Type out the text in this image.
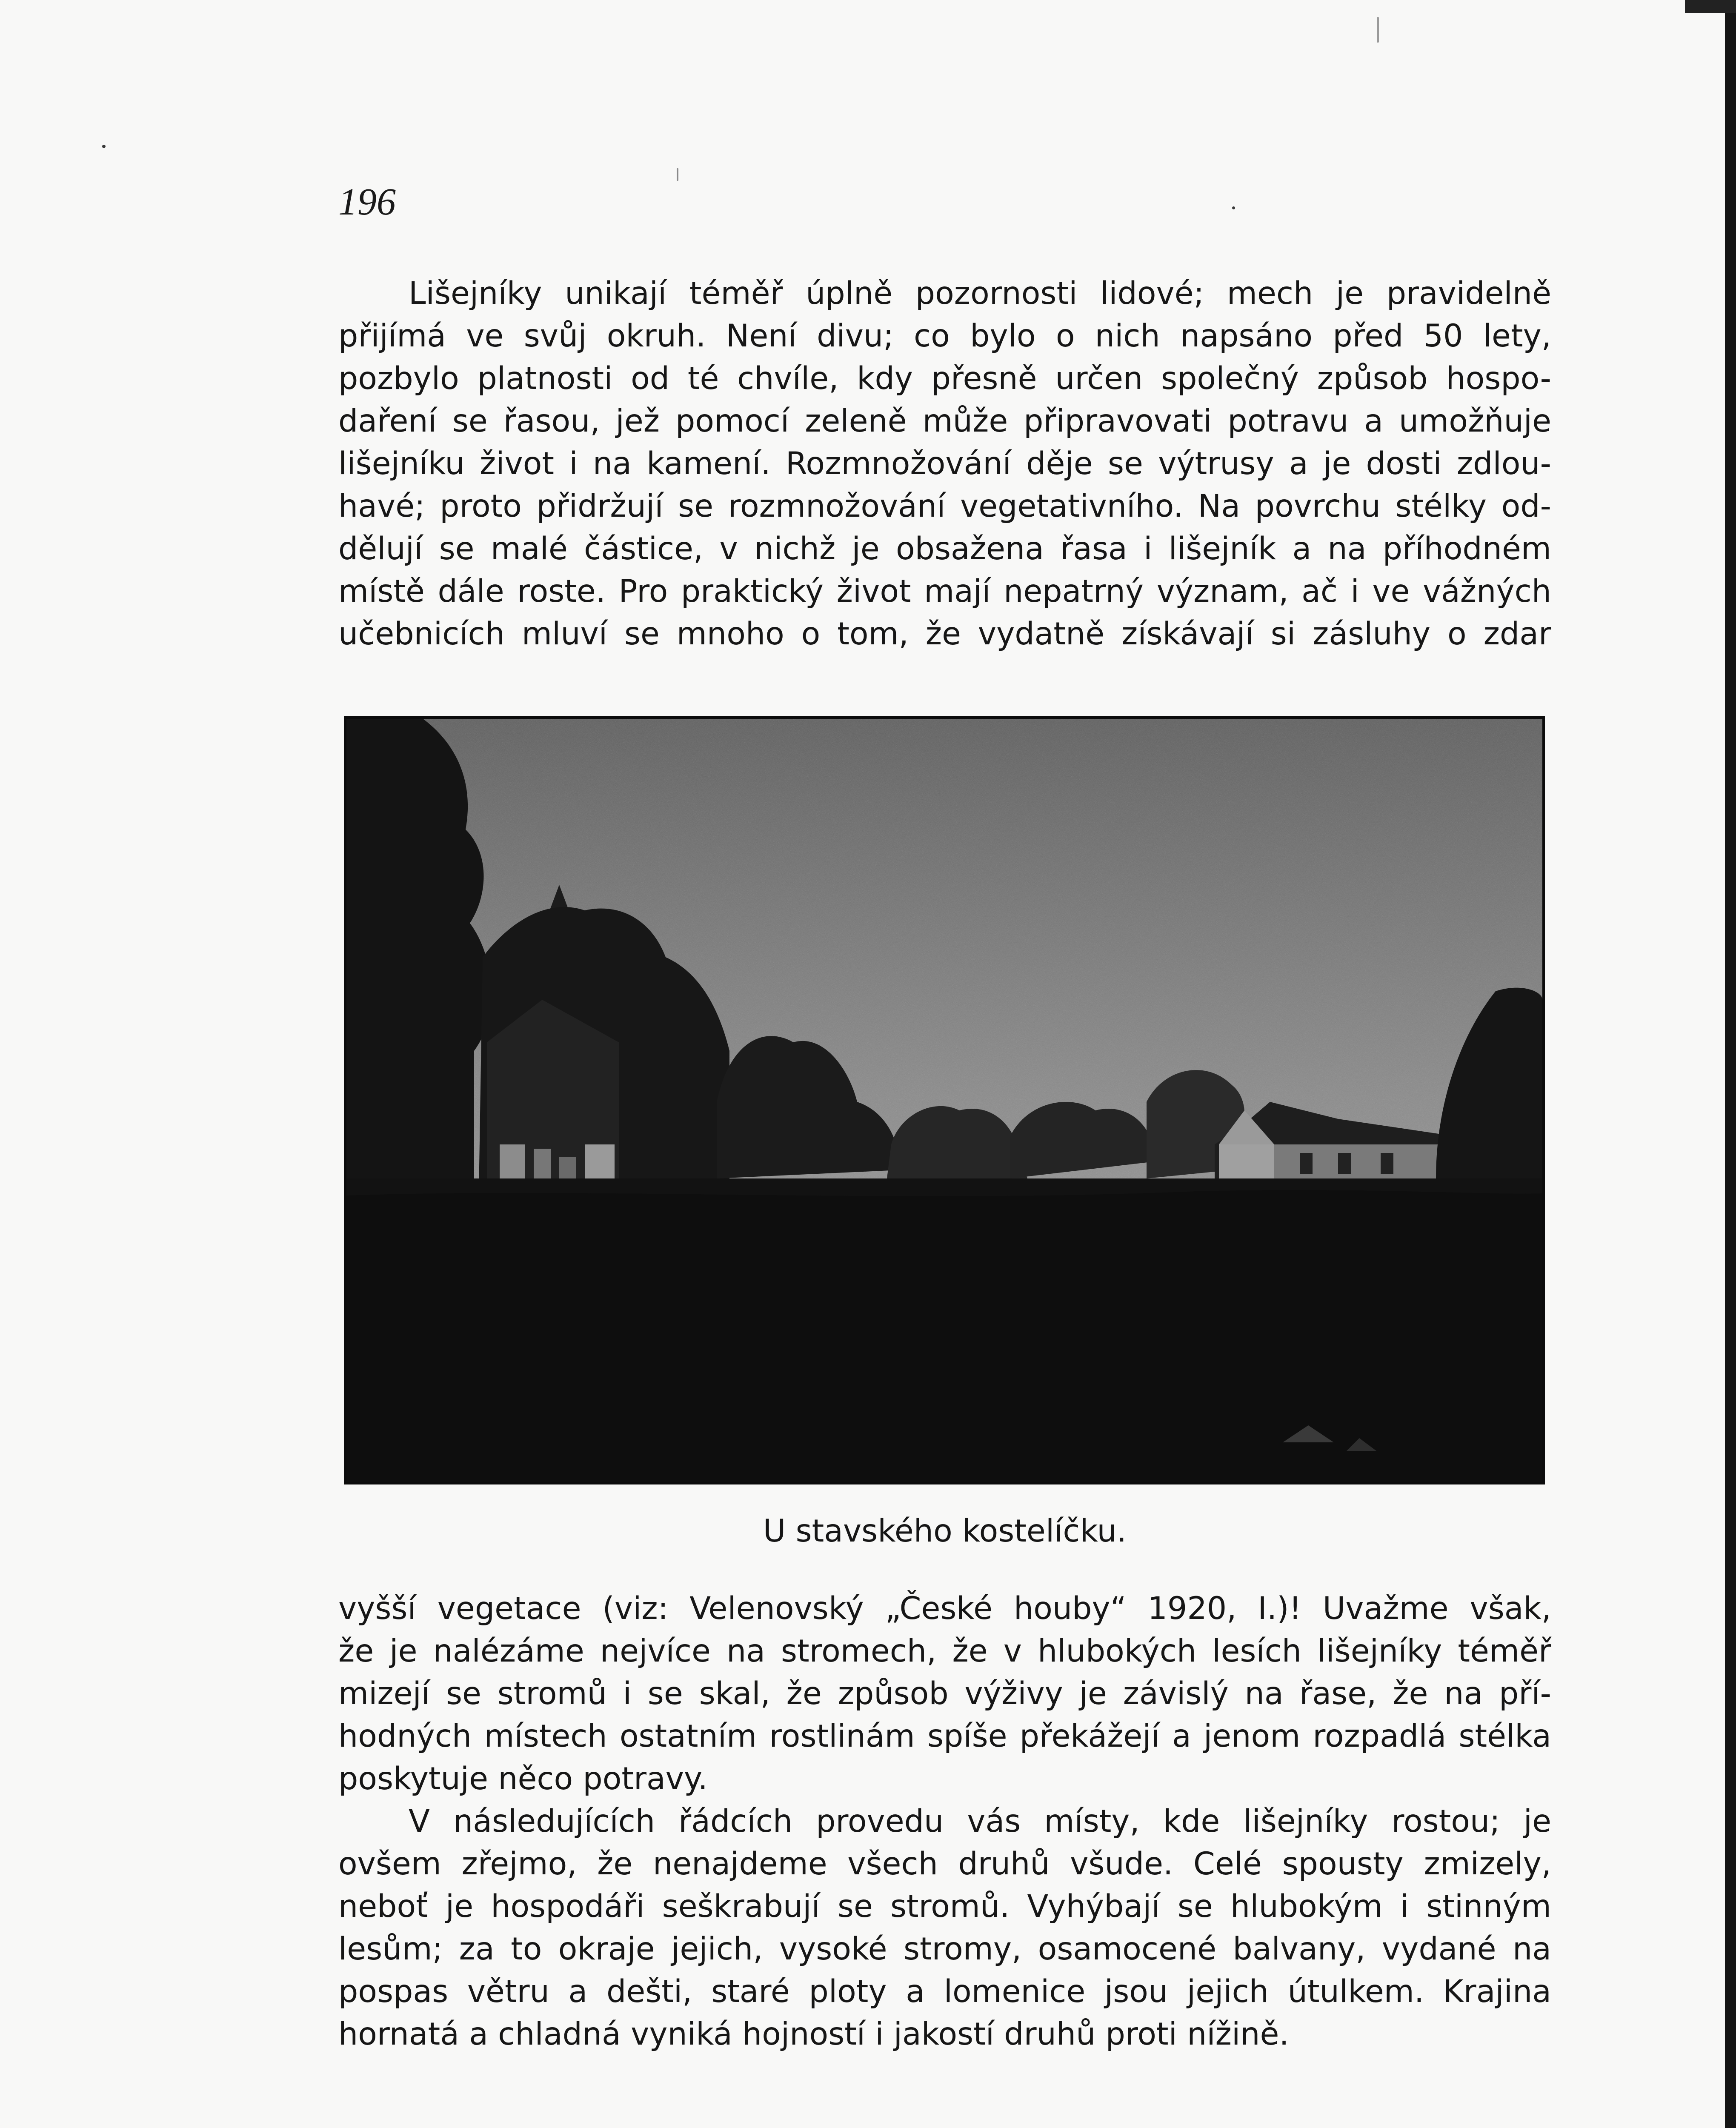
196
Lišejníky unikají téměř úplně pozornosti lidové; mech je pravidelně
přijímá ve svůj okruh. Není divu; co bylo o nich napsáno před 50 lety,
pozbylo platnosti od té chvíle, kdy přesně určen společný způsob hospo-
daření se řasou, jež pomocí zeleně může připravovati potravu a umožňuje
lišejníku život i na kamení. Rozmnožování děje se výtrusy a je dosti zdlou-
havé; proto přidržují se rozmnožování vegetativního. Na povrchu stélky od-
dělují se malé částice, v nichž je obsažena řasa i lišejník a na příhodném
místě dále roste. Pro praktický život mají nepatrný význam, ač i ve vážných
učebnicích mluví se mnoho o tom, že vydatně získávají si zásluhy o zdar
U stavského kostelíčku.
vyšší vegetace (viz: Velenovský „České houby“ 1920, I.)! Uvažme však,
že je nalézáme nejvíce na stromech, že v hlubokých lesích lišejníky téměř
mizejí se stromů i se skal, že způsob výživy je závislý na řase, že na pří-
hodných místech ostatním rostlinám spíše překážejí a jenom rozpadlá stélka
poskytuje něco potravy.
V následujících řádcích provedu vás místy, kde lišejníky rostou; je
ovšem zřejmo, že nenajdeme všech druhů všude. Celé spousty zmizely,
neboť je hospodáři seškrabují se stromů. Vyhýbají se hlubokým i stinným
lesům; za to okraje jejich, vysoké stromy, osamocené balvany, vydané na
pospas větru a dešti, staré ploty a lomenice jsou jejich útulkem. Krajina
hornatá a chladná vyniká hojností i jakostí druhů proti nížině.
